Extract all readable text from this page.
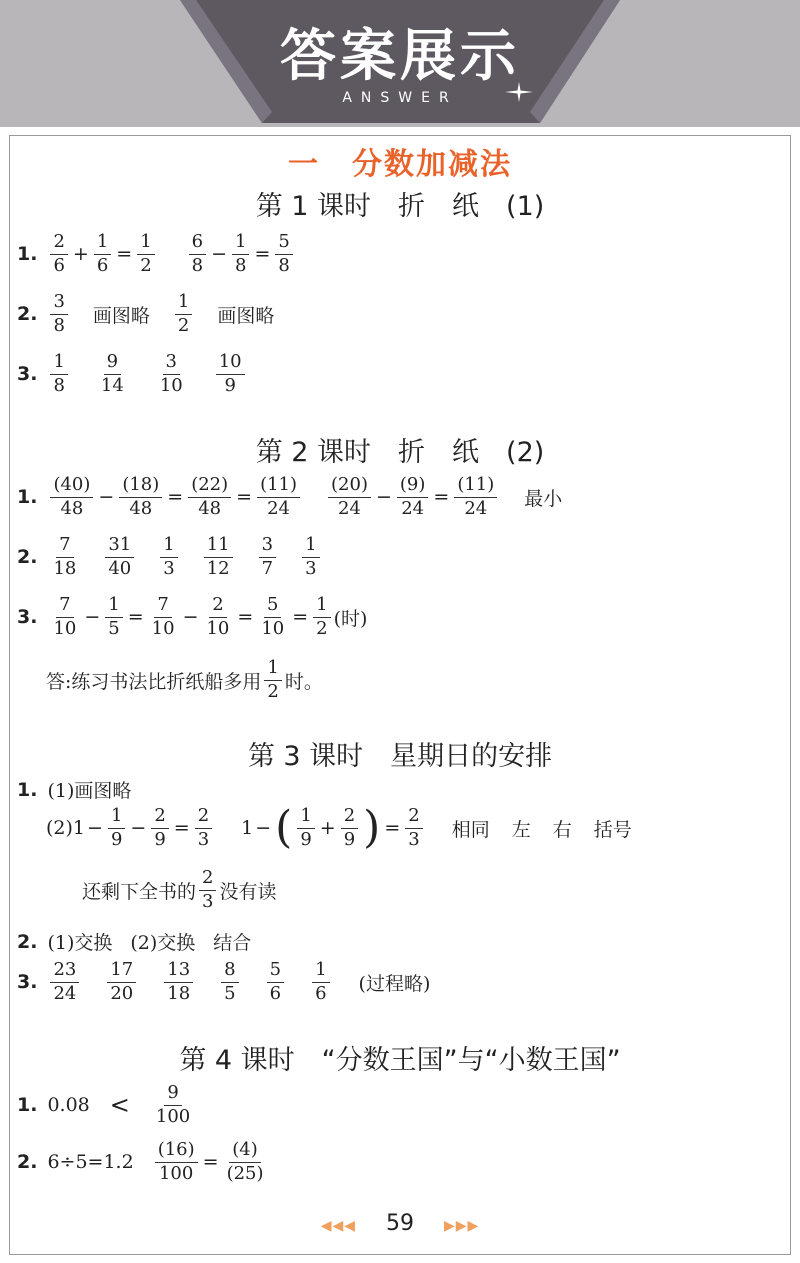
答案展示
ANSWER
一　分数加减法
第 1 课时　折　纸　(1)
1. $\frac{2}{6} + \frac{1}{6} = \frac{1}{2} \frac{6}{8} - \frac{1}{8} = \frac{5}{8}$
2. $\frac{3}{8}$ 画图略 $\frac{1}{2}$ 画图略
3. $\frac{1}{8} \frac{9}{14} \frac{3}{10} \frac{10}{9}$
第 2 课时　折　纸　(2)
1. $\frac{(40)}{48} - \frac{(18)}{48} = \frac{(22)}{48} = \frac{(11)}{24} \frac{(20)}{24} - \frac{(9)}{24} = \frac{(11)}{24}$ 最小
2. $\frac{7}{18} \frac{31}{40} \frac{1}{3} \frac{11}{12} \frac{3}{7} \frac{1}{3}$
3. $\frac{7}{10} - \frac{1}{5} = \frac{7}{10} - \frac{2}{10} = \frac{5}{10} = \frac{1}{2}$ (时)
答:练习书法比折纸船多用 $\frac{1}{2}$ 时。
第 3 课时　星期日的安排
1. (1)画图略
$(2)1 - \frac{1}{9} - \frac{2}{9} = \frac{2}{3} 1$ − ( $\frac{1}{9} + \frac{2}{9}$ ) = $\frac{2}{3}$ 相同 左 右 括号
还剩下全书的 $\frac{2}{3}$ 没有读
2. (1)交换 (2)交换 结合
3. $\frac{23}{24} \frac{17}{20} \frac{13}{18} \frac{8}{5} \frac{5}{6} \frac{1}{6}$ (过程略)
第 4 课时　“分数王国”与“小数王国”
1. $0.08 < \frac{9}{100}$
2. $6\div 5=1.2 \frac{(16)}{100} = \frac{(4)}{(25)}$
◀◀◀ 59 ▶▶▶
